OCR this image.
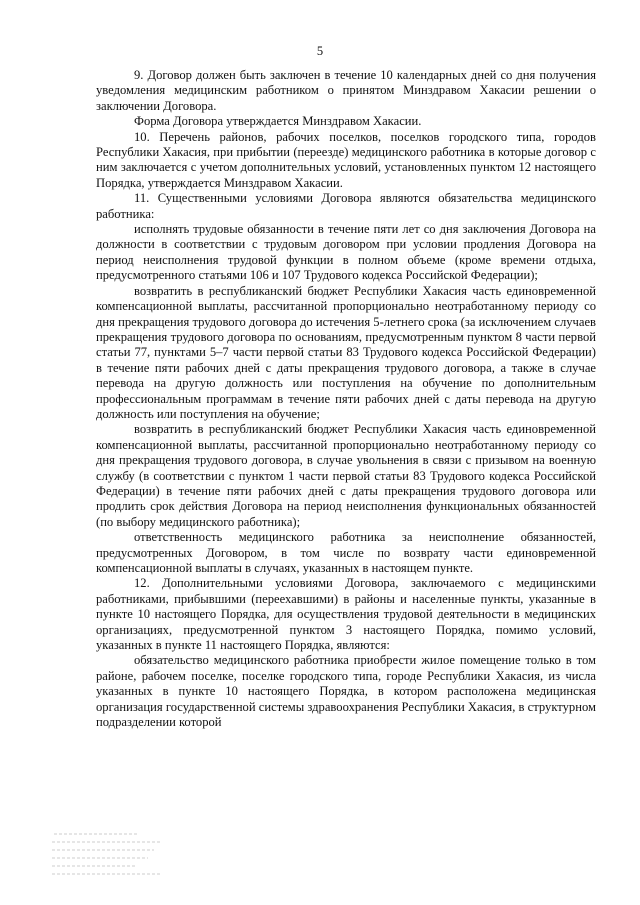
5

9. Договор должен быть заключен в течение 10 календарных дней со дня получения уведомления медицинским работником о принятом Минздравом Хакасии решении о заключении Договора.

Форма Договора утверждается Минздравом Хакасии.

10. Перечень районов, рабочих поселков, поселков городского типа, городов Республики Хакасия, при прибытии (переезде) медицинского работника в которые договор с ним заключается с учетом дополнительных условий, установленных пунктом 12 настоящего Порядка, утверждается Минздравом Хакасии.

11. Существенными условиями Договора являются обязательства медицинского работника:

исполнять трудовые обязанности в течение пяти лет со дня заключения Договора на должности в соответствии с трудовым договором при условии продления Договора на период неисполнения трудовой функции в полном объеме (кроме времени отдыха, предусмотренного статьями 106 и 107 Трудового кодекса Российской Федерации);

возвратить в республиканский бюджет Республики Хакасия часть единовременной компенсационной выплаты, рассчитанной пропорционально неотработанному периоду со дня прекращения трудового договора до истечения 5-летнего срока (за исключением случаев прекращения трудового договора по основаниям, предусмотренным пунктом 8 части первой статьи 77, пунктами 5–7 части первой статьи 83 Трудового кодекса Российской Федерации) в течение пяти рабочих дней с даты прекращения трудового договора, а также в случае перевода на другую должность или поступления на обучение по дополнительным профессиональным программам в течение пяти рабочих дней с даты перевода на другую должность или поступления на обучение;

возвратить в республиканский бюджет Республики Хакасия часть единовременной компенсационной выплаты, рассчитанной пропорционально неотработанному периоду со дня прекращения трудового договора, в случае увольнения в связи с призывом на военную службу (в соответствии с пунктом 1 части первой статьи 83 Трудового кодекса Российской Федерации) в течение пяти рабочих дней с даты прекращения трудового договора или продлить срок действия Договора на период неисполнения функциональных обязанностей (по выбору медицинского работника);

ответственность медицинского работника за неисполнение обязанностей, предусмотренных Договором, в том числе по возврату части единовременной компенсационной выплаты в случаях, указанных в настоящем пункте.

12. Дополнительными условиями Договора, заключаемого с медицинскими работниками, прибывшими (переехавшими) в районы и населенные пункты, указанные в пункте 10 настоящего Порядка, для осуществления трудовой деятельности в медицинских организациях, предусмотренной пунктом 3 настоящего Порядка, помимо условий, указанных в пункте 11 настоящего Порядка, являются:

обязательство медицинского работника приобрести жилое помещение только в том районе, рабочем поселке, поселке городского типа, городе Республики Хакасия, из числа указанных в пункте 10 настоящего Порядка, в котором расположена медицинская организация государственной системы здравоохранения Республики Хакасия, в структурном подразделении которой
